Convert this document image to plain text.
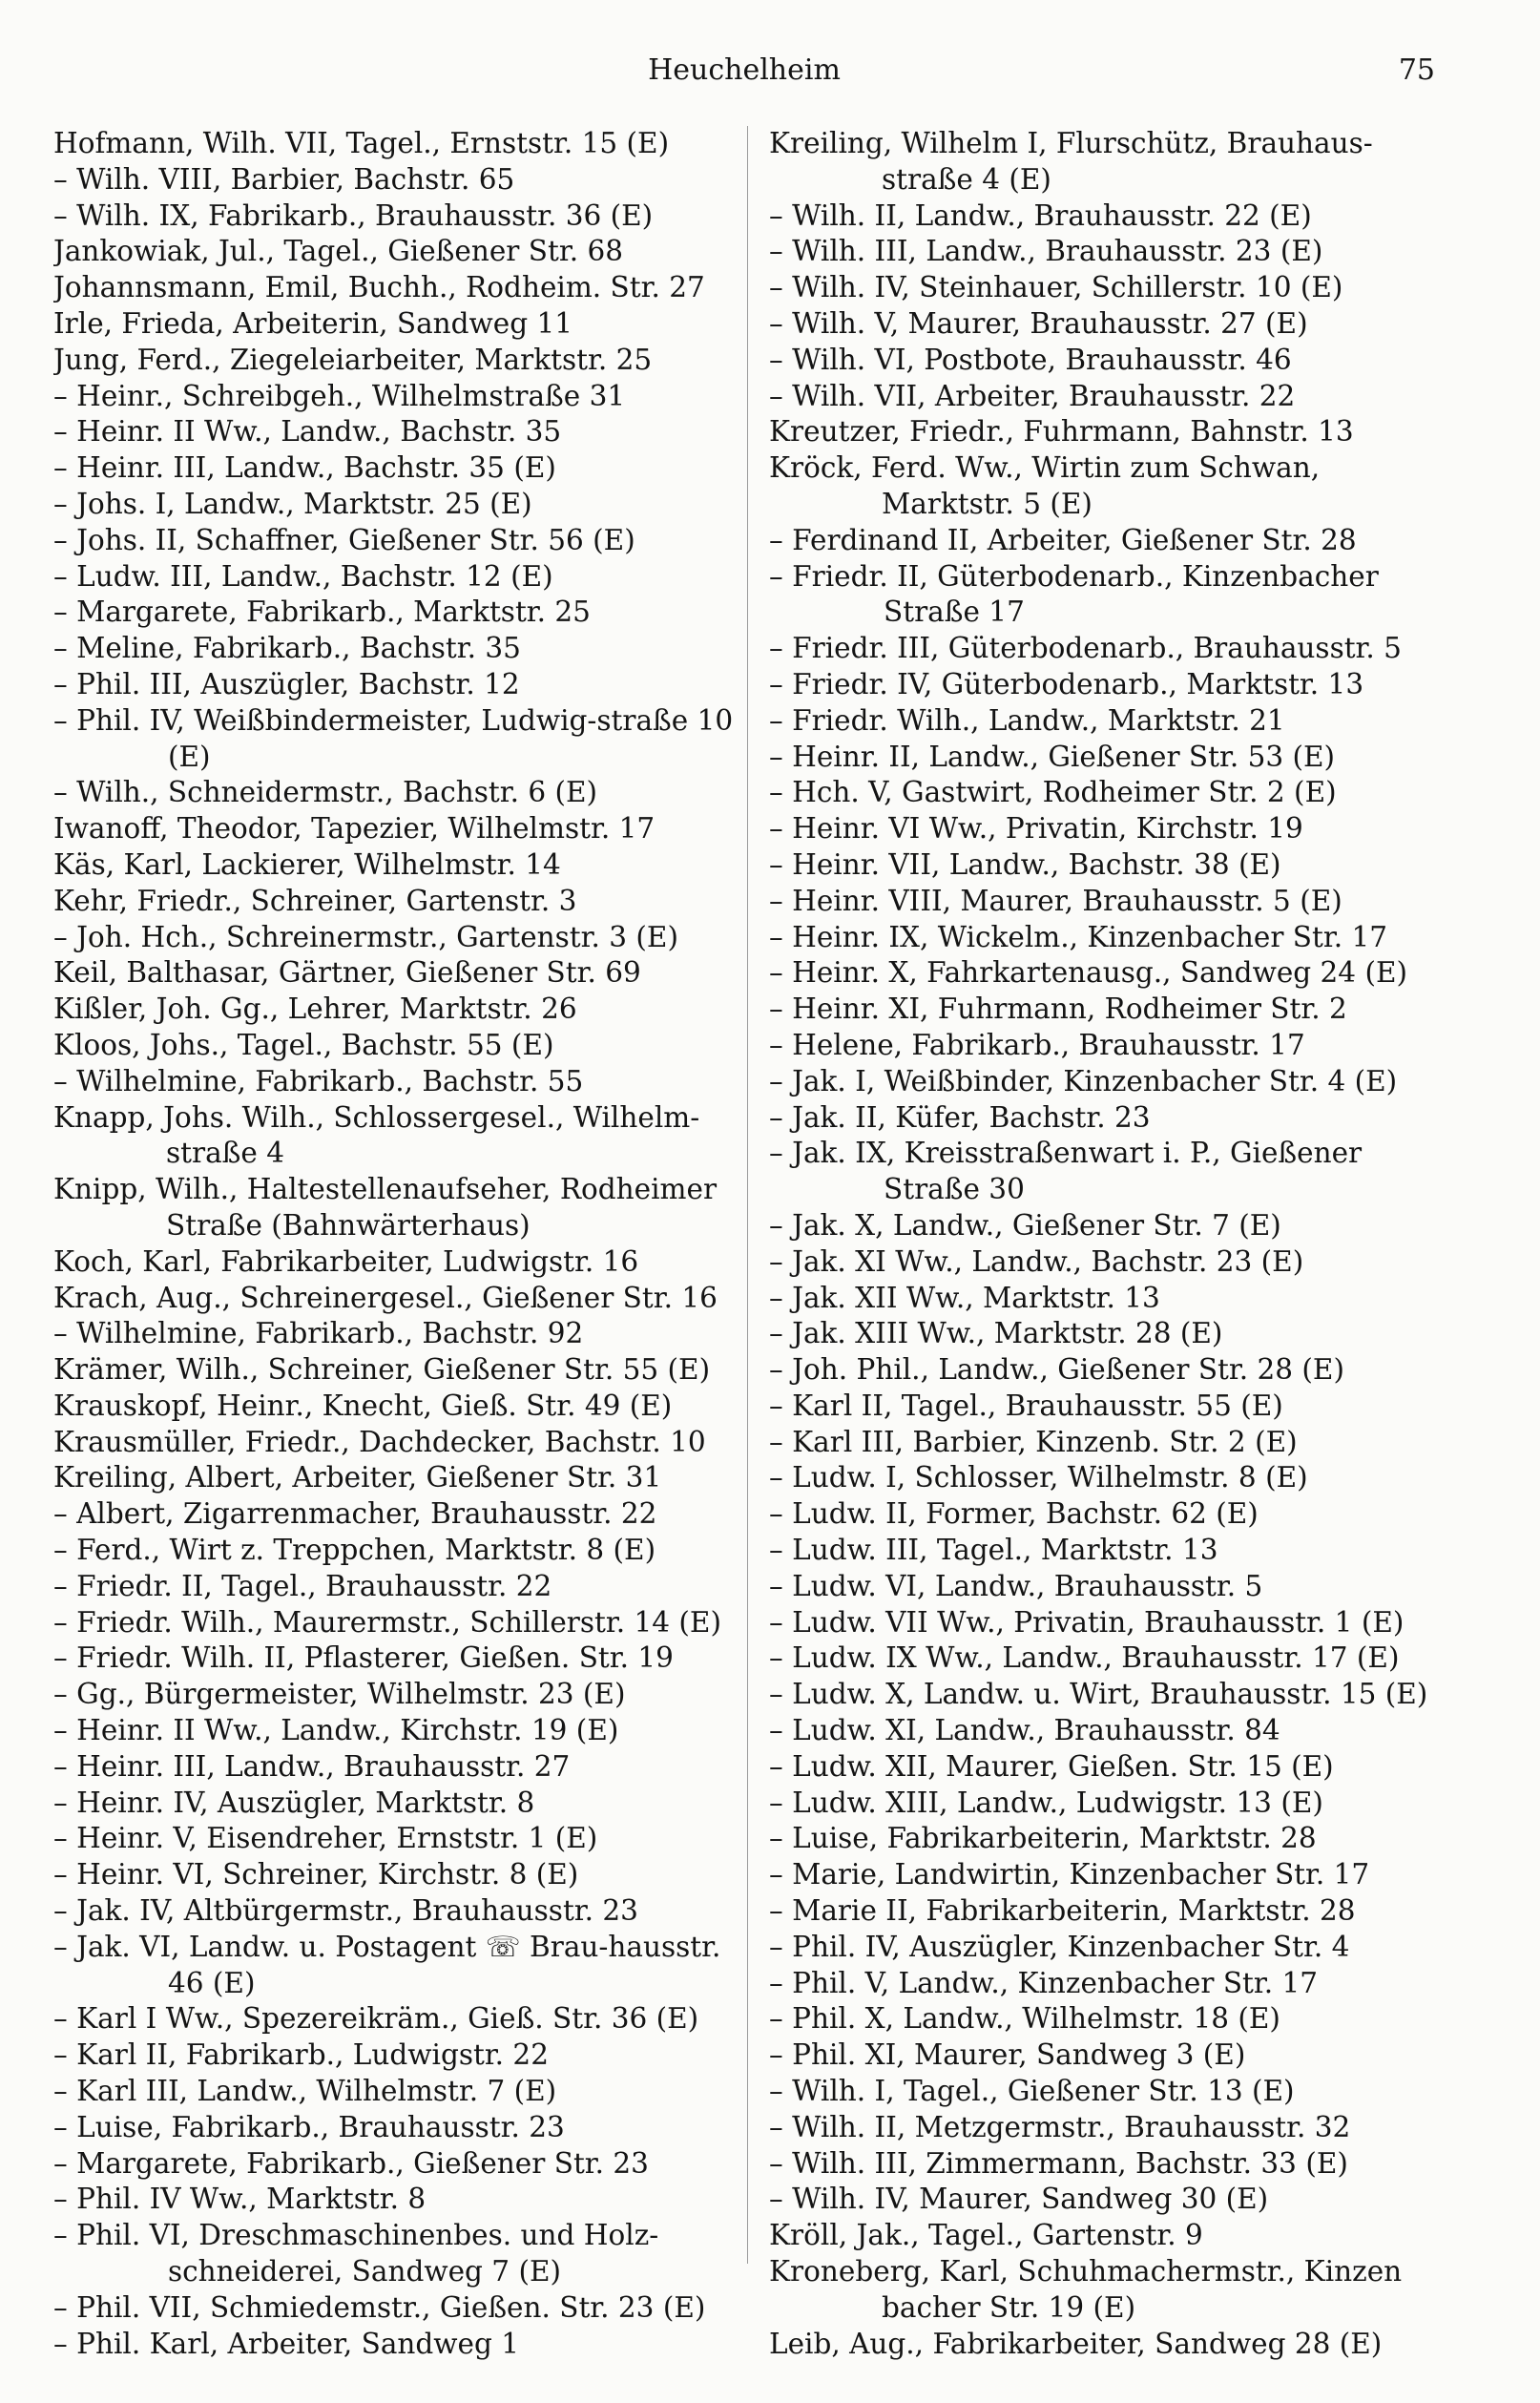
Heuchelheim	75

Hofmann, Wilh. VII, Tagel., Ernststr. 15 (E)

– Wilh. VIII, Barbier, Bachstr. 65

– Wilh. IX, Fabrikarb., Brauhausstr. 36 (E)

Jankowiak, Jul., Tagel., Gießener Str. 68

Johannsmann, Emil, Buchh., Rodheim. Str. 27

Irle, Frieda, Arbeiterin, Sandweg 11

Jung, Ferd., Ziegeleiarbeiter, Marktstr. 25

– Heinr., Schreibgeh., Wilhelmstraße 31

– Heinr. II Ww., Landw., Bachstr. 35

– Heinr. III, Landw., Bachstr. 35 (E)

– Johs. I, Landw., Marktstr. 25 (E)

– Johs. II, Schaffner, Gießener Str. 56 (E)

– Ludw. III, Landw., Bachstr. 12 (E)

– Margarete, Fabrikarb., Marktstr. 25

– Meline, Fabrikarb., Bachstr. 35

– Phil. III, Auszügler, Bachstr. 12

– Phil. IV, Weißbindermeister, Ludwig-straße 10 (E)

– Wilh., Schneidermstr., Bachstr. 6 (E)

Iwanoff, Theodor, Tapezier, Wilhelmstr. 17

Käs, Karl, Lackierer, Wilhelmstr. 14

Kehr, Friedr., Schreiner, Gartenstr. 3

– Joh. Hch., Schreinermstr., Gartenstr. 3 (E)

Keil, Balthasar, Gärtner, Gießener Str. 69

Kißler, Joh. Gg., Lehrer, Marktstr. 26

Kloos, Johs., Tagel., Bachstr. 55 (E)

– Wilhelmine, Fabrikarb., Bachstr. 55

Knapp, Johs. Wilh., Schlossergesel., Wilhelm-straße 4

Knipp, Wilh., Haltestellenaufseher, Rodheimer Straße (Bahnwärterhaus)

Koch, Karl, Fabrikarbeiter, Ludwigstr. 16

Krach, Aug., Schreinergesel., Gießener Str. 16

– Wilhelmine, Fabrikarb., Bachstr. 92

Krämer, Wilh., Schreiner, Gießener Str. 55 (E)

Krauskopf, Heinr., Knecht, Gieß. Str. 49 (E)

Krausmüller, Friedr., Dachdecker, Bachstr. 10

Kreiling, Albert, Arbeiter, Gießener Str. 31

– Albert, Zigarrenmacher, Brauhausstr. 22

– Ferd., Wirt z. Treppchen, Marktstr. 8 (E)

– Friedr. II, Tagel., Brauhausstr. 22

– Friedr. Wilh., Maurermstr., Schillerstr. 14 (E)

– Friedr. Wilh. II, Pflasterer, Gießen. Str. 19

– Gg., Bürgermeister, Wilhelmstr. 23 (E)

– Heinr. II Ww., Landw., Kirchstr. 19 (E)

– Heinr. III, Landw., Brauhausstr. 27

– Heinr. IV, Auszügler, Marktstr. 8

– Heinr. V, Eisendreher, Ernststr. 1 (E)

– Heinr. VI, Schreiner, Kirchstr. 8 (E)

– Jak. IV, Altbürgermstr., Brauhausstr. 23

– Jak. VI, Landw. u. Postagent ☏ Brau-hausstr. 46 (E)

– Karl I Ww., Spezereikräm., Gieß. Str. 36 (E)

– Karl II, Fabrikarb., Ludwigstr. 22

– Karl III, Landw., Wilhelmstr. 7 (E)

– Luise, Fabrikarb., Brauhausstr. 23

– Margarete, Fabrikarb., Gießener Str. 23

– Phil. IV Ww., Marktstr. 8

– Phil. VI, Dreschmaschinenbes. und Holz-schneiderei, Sandweg 7 (E)

– Phil. VII, Schmiedemstr., Gießen. Str. 23 (E)

– Phil. Karl, Arbeiter, Sandweg 1

Kreiling, Wilhelm I, Flurschütz, Brauhaus-straße 4 (E)

– Wilh. II, Landw., Brauhausstr. 22 (E)

– Wilh. III, Landw., Brauhausstr. 23 (E)

– Wilh. IV, Steinhauer, Schillerstr. 10 (E)

– Wilh. V, Maurer, Brauhausstr. 27 (E)

– Wilh. VI, Postbote, Brauhausstr. 46

– Wilh. VII, Arbeiter, Brauhausstr. 22

Kreutzer, Friedr., Fuhrmann, Bahnstr. 13

Kröck, Ferd. Ww., Wirtin zum Schwan, Marktstr. 5 (E)

– Ferdinand II, Arbeiter, Gießener Str. 28

– Friedr. II, Güterbodenarb., Kinzenbacher Straße 17

– Friedr. III, Güterbodenarb., Brauhausstr. 5

– Friedr. IV, Güterbodenarb., Marktstr. 13

– Friedr. Wilh., Landw., Marktstr. 21

– Heinr. II, Landw., Gießener Str. 53 (E)

– Hch. V, Gastwirt, Rodheimer Str. 2 (E)

– Heinr. VI Ww., Privatin, Kirchstr. 19

– Heinr. VII, Landw., Bachstr. 38 (E)

– Heinr. VIII, Maurer, Brauhausstr. 5 (E)

– Heinr. IX, Wickelm., Kinzenbacher Str. 17

– Heinr. X, Fahrkartenausg., Sandweg 24 (E)

– Heinr. XI, Fuhrmann, Rodheimer Str. 2

– Helene, Fabrikarb., Brauhausstr. 17

– Jak. I, Weißbinder, Kinzenbacher Str. 4 (E)

– Jak. II, Küfer, Bachstr. 23

– Jak. IX, Kreisstraßenwart i. P., Gießener Straße 30

– Jak. X, Landw., Gießener Str. 7 (E)

– Jak. XI Ww., Landw., Bachstr. 23 (E)

– Jak. XII Ww., Marktstr. 13

– Jak. XIII Ww., Marktstr. 28 (E)

– Joh. Phil., Landw., Gießener Str. 28 (E)

– Karl II, Tagel., Brauhausstr. 55 (E)

– Karl III, Barbier, Kinzenb. Str. 2 (E)

– Ludw. I, Schlosser, Wilhelmstr. 8 (E)

– Ludw. II, Former, Bachstr. 62 (E)

– Ludw. III, Tagel., Marktstr. 13

– Ludw. VI, Landw., Brauhausstr. 5

– Ludw. VII Ww., Privatin, Brauhausstr. 1 (E)

– Ludw. IX Ww., Landw., Brauhausstr. 17 (E)

– Ludw. X, Landw. u. Wirt, Brauhausstr. 15 (E)

– Ludw. XI, Landw., Brauhausstr. 84

– Ludw. XII, Maurer, Gießen. Str. 15 (E)

– Ludw. XIII, Landw., Ludwigstr. 13 (E)

– Luise, Fabrikarbeiterin, Marktstr. 28

– Marie, Landwirtin, Kinzenbacher Str. 17

– Marie II, Fabrikarbeiterin, Marktstr. 28

– Phil. IV, Auszügler, Kinzenbacher Str. 4

– Phil. V, Landw., Kinzenbacher Str. 17

– Phil. X, Landw., Wilhelmstr. 18 (E)

– Phil. XI, Maurer, Sandweg 3 (E)

– Wilh. I, Tagel., Gießener Str. 13 (E)

– Wilh. II, Metzgermstr., Brauhausstr. 32

– Wilh. III, Zimmermann, Bachstr. 33 (E)

– Wilh. IV, Maurer, Sandweg 30 (E)

Kröll, Jak., Tagel., Gartenstr. 9

Kroneberg, Karl, Schuhmachermstr., Kinzen bacher Str. 19 (E)

Leib, Aug., Fabrikarbeiter, Sandweg 28 (E)
